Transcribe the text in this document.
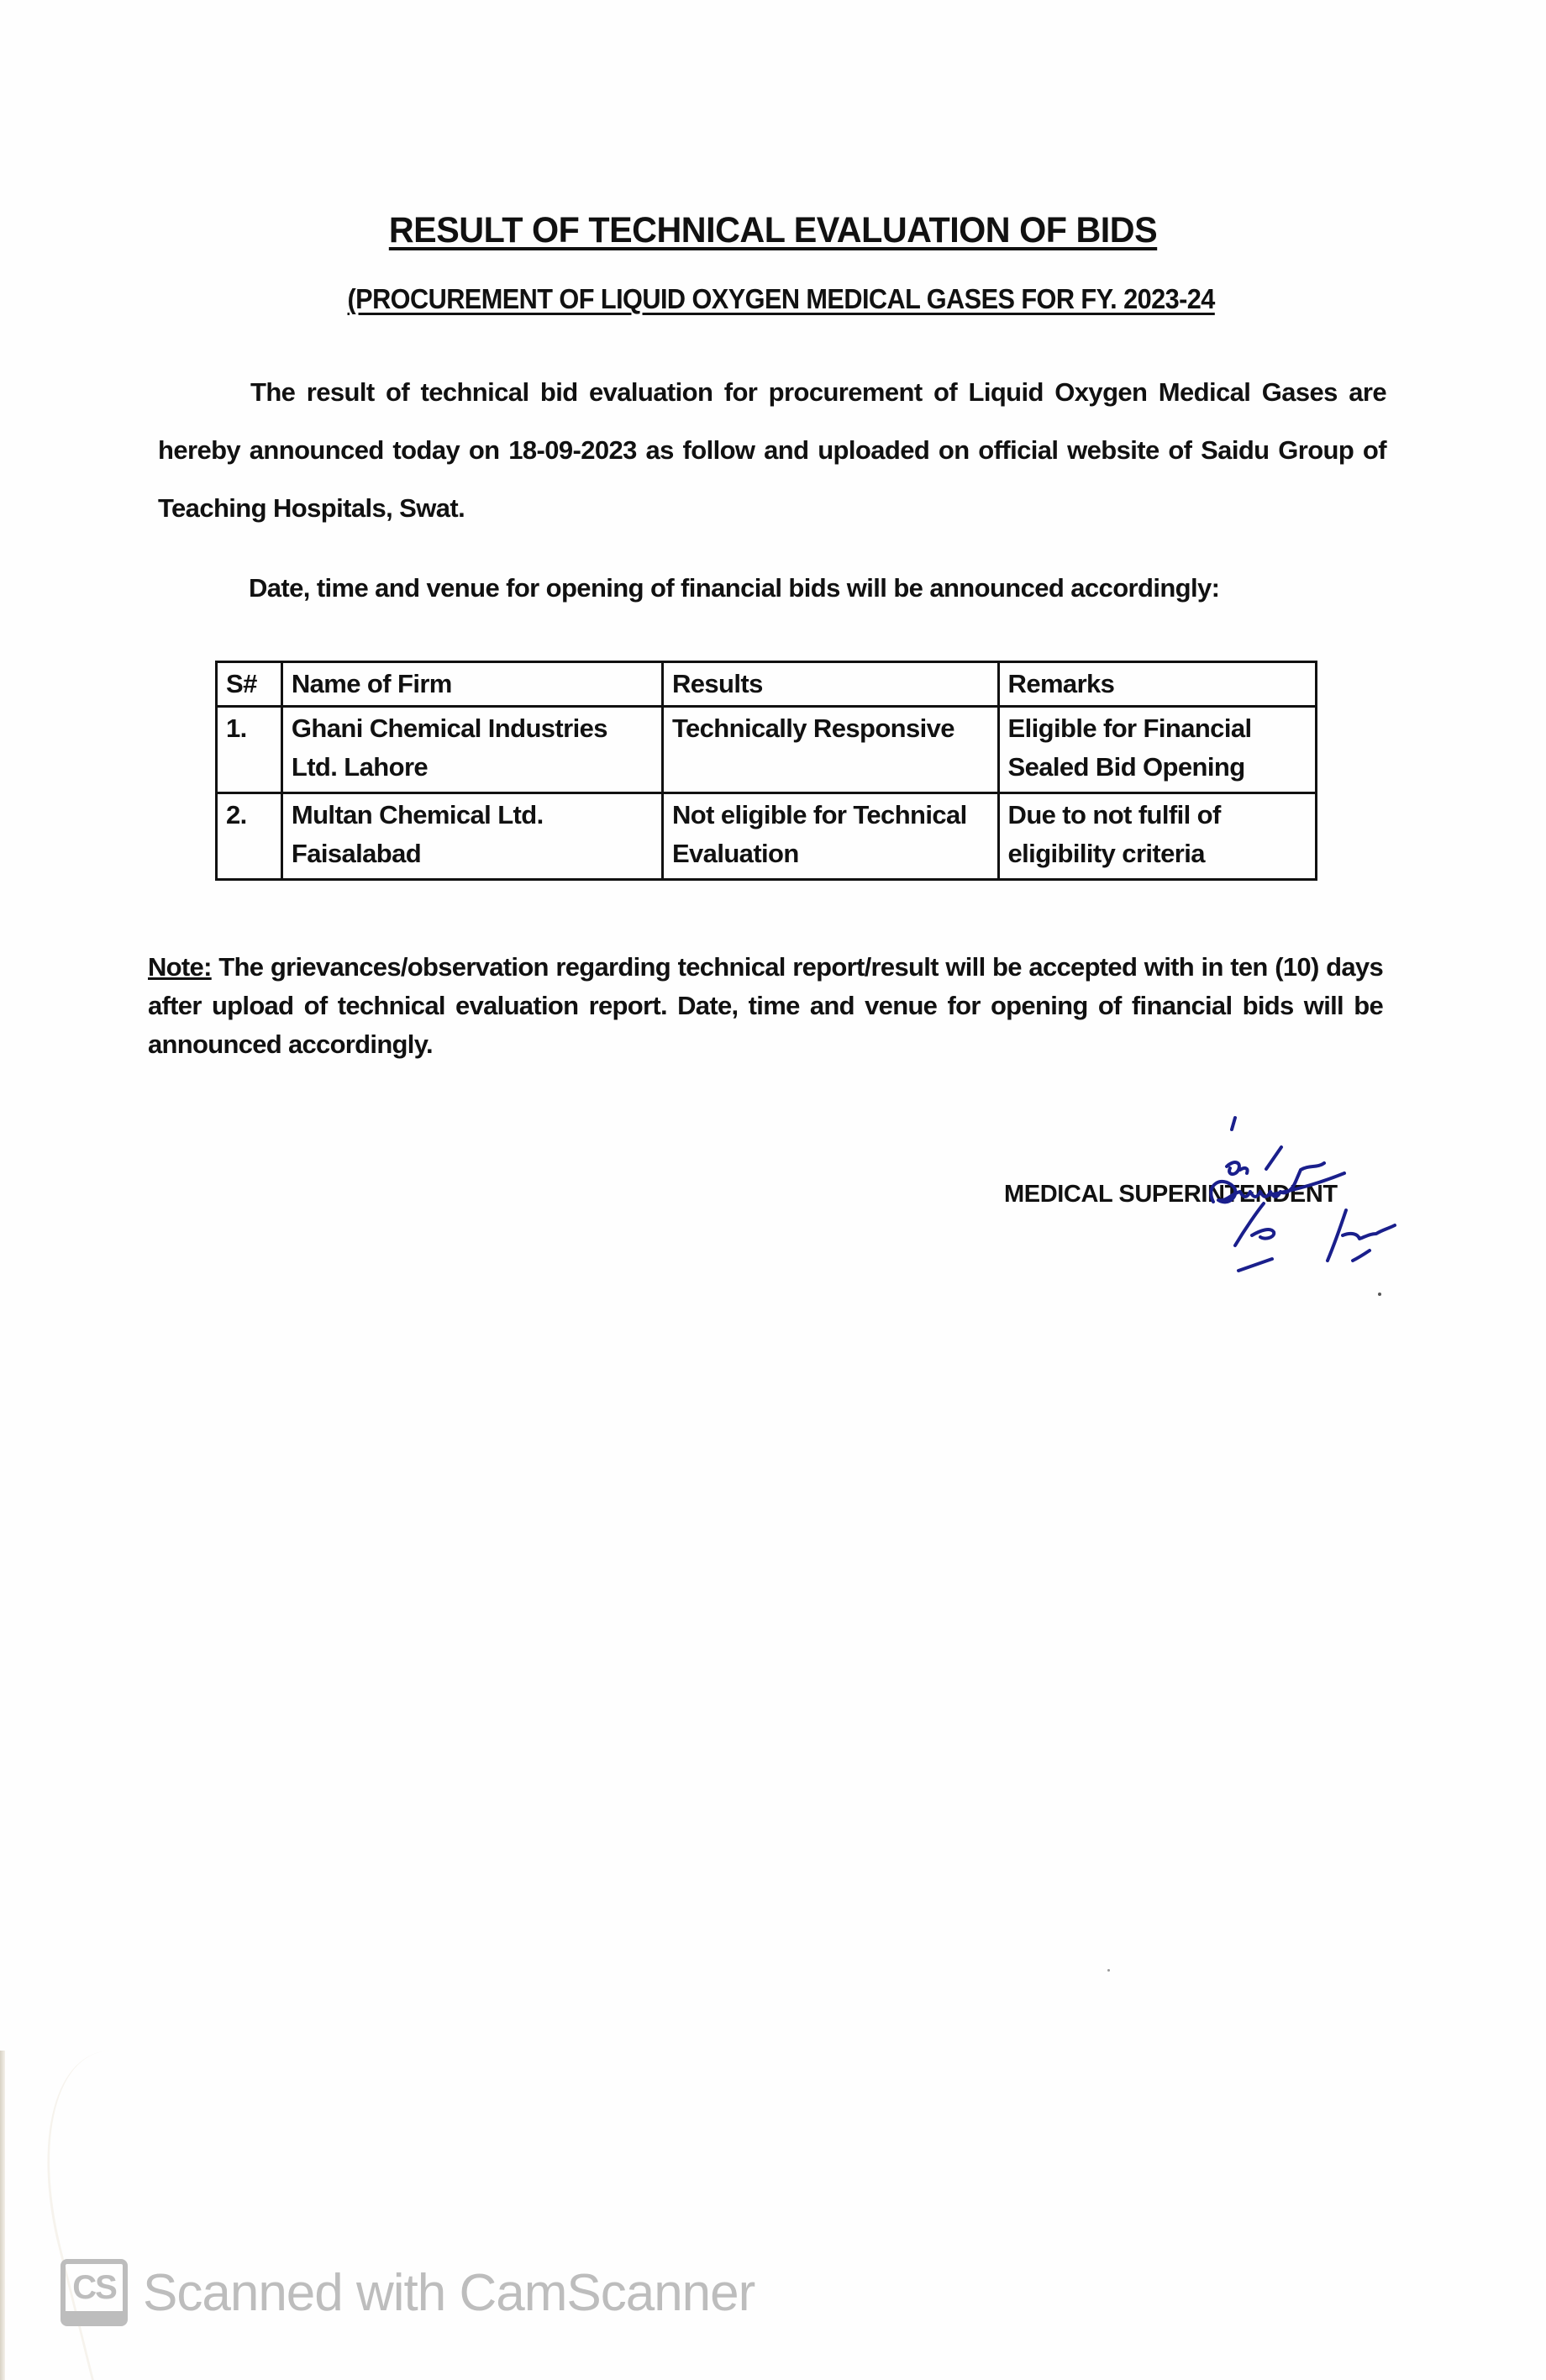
RESULT OF TECHNICAL EVALUATION OF BIDS
(PROCUREMENT OF LIQUID OXYGEN MEDICAL GASES FOR FY. 2023-24
The result of technical bid evaluation for procurement of Liquid Oxygen Medical Gases are hereby announced today on 18-09-2023 as follow and uploaded on official website of Saidu Group of Teaching Hospitals, Swat.
Date, time and venue for opening of financial bids will be announced accordingly:
S#	Name of Firm	Results	Remarks
1.	Ghani Chemical Industries Ltd. Lahore	Technically Responsive	Eligible for Financial Sealed Bid Opening
2.	Multan Chemical Ltd. Faisalabad	Not eligible for Technical Evaluation	Due to not fulfil of eligibility criteria
Note: The grievances/observation regarding technical report/result will be accepted with in ten (10) days after upload of technical evaluation report. Date, time and venue for opening of financial bids will be announced accordingly.
MEDICAL SUPERINTENDENT
CS Scanned with CamScanner
